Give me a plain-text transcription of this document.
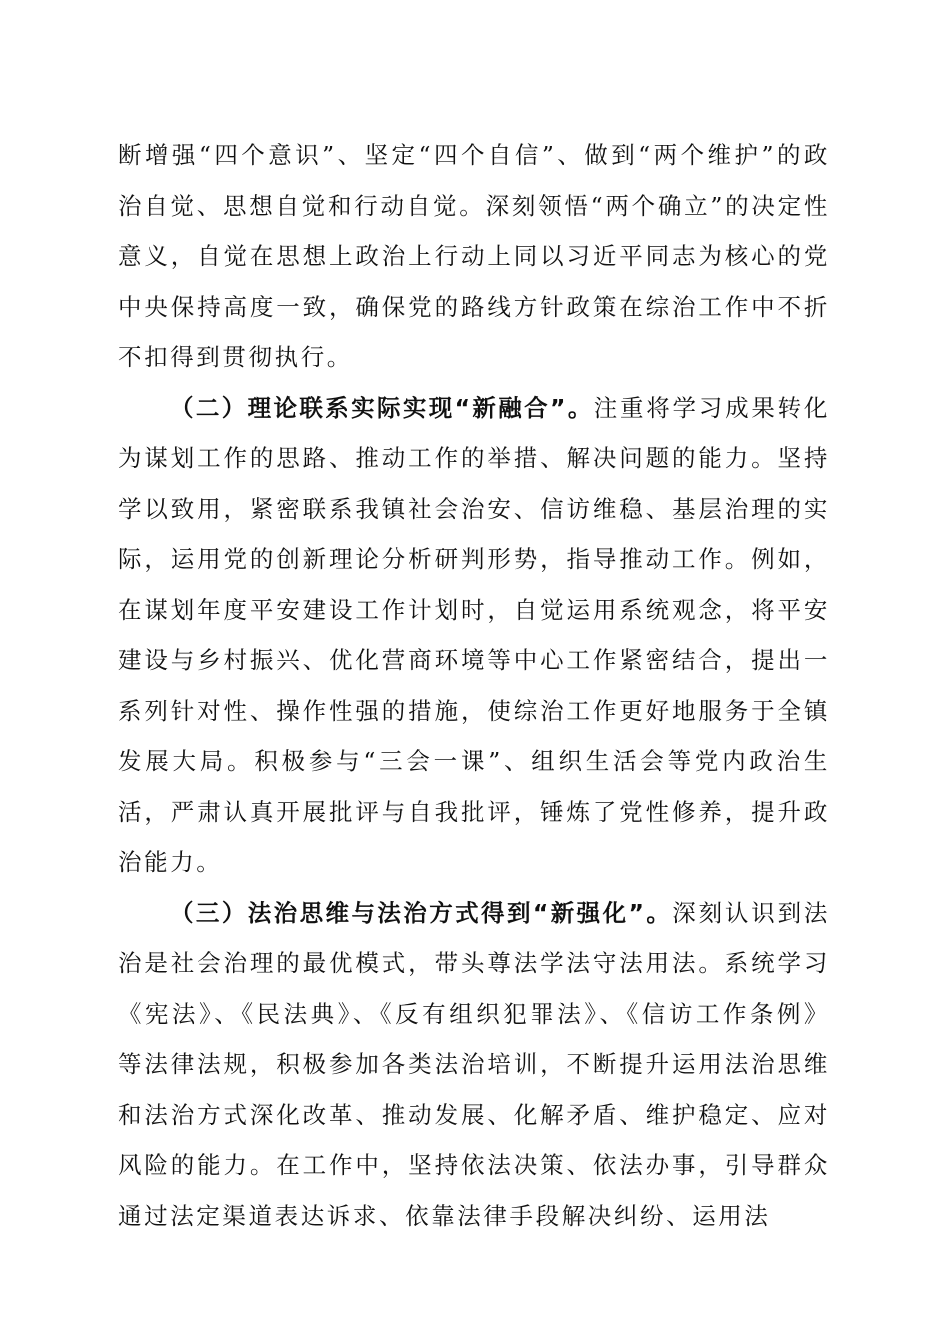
断增强“四个意识”、坚定“四个自信”、做到“两个维护”的政治自觉、思想自觉和行动自觉。深刻领悟“两个确立”的决定性意义，自觉在思想上政治上行动上同以习近平同志为核心的党中央保持高度一致，确保党的路线方针政策在综治工作中不折不扣得到贯彻执行。

（二）理论联系实际实现“新融合”。注重将学习成果转化为谋划工作的思路、推动工作的举措、解决问题的能力。坚持学以致用，紧密联系我镇社会治安、信访维稳、基层治理的实际，运用党的创新理论分析研判形势，指导推动工作。例如，在谋划年度平安建设工作计划时，自觉运用系统观念，将平安建设与乡村振兴、优化营商环境等中心工作紧密结合，提出一系列针对性、操作性强的措施，使综治工作更好地服务于全镇发展大局。积极参与“三会一课”、组织生活会等党内政治生活，严肃认真开展批评与自我批评，锤炼了党性修养，提升政治能力。

（三）法治思维与法治方式得到“新强化”。深刻认识到法治是社会治理的最优模式，带头尊法学法守法用法。系统学习《宪法》、《民法典》、《反有组织犯罪法》、《信访工作条例》等法律法规，积极参加各类法治培训，不断提升运用法治思维和法治方式深化改革、推动发展、化解矛盾、维护稳定、应对风险的能力。在工作中，坚持依法决策、依法办事，引导群众通过法定渠道表达诉求、依靠法律手段解决纠纷、运用法
